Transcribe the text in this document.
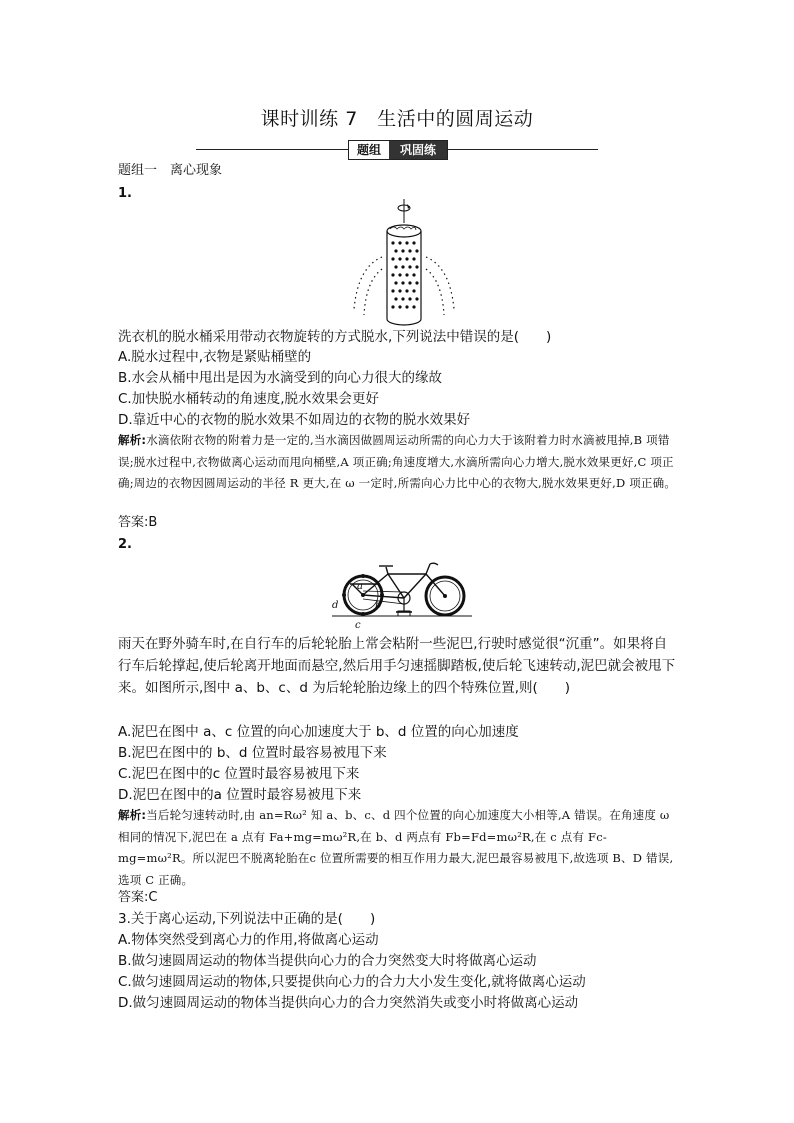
课时训练 7　生活中的圆周运动
题组	巩固练
题组一　离心现象
1.
洗衣机的脱水桶采用带动衣物旋转的方式脱水,下列说法中错误的是(　　)
A.脱水过程中,衣物是紧贴桶壁的
B.水会从桶中甩出是因为水滴受到的向心力很大的缘故
C.加快脱水桶转动的角速度,脱水效果会更好
D.靠近中心的衣物的脱水效果不如周边的衣物的脱水效果好
解析:水滴依附衣物的附着力是一定的,当水滴因做圆周运动所需的向心力大于该附着力时水滴被甩掉,B 项错误;脱水过程中,衣物做离心运动而甩向桶壁,A 项正确;角速度增大,水滴所需向心力增大,脱水效果更好,C 项正确;周边的衣物因圆周运动的半径 R 更大,在 ω 一定时,所需向心力比中心的衣物大,脱水效果更好,D 项正确。
答案:B
2.
a
b
c
d
雨天在野外骑车时,在自行车的后轮轮胎上常会粘附一些泥巴,行驶时感觉很“沉重”。如果将自行车后轮撑起,使后轮离开地面而悬空,然后用手匀速摇脚踏板,使后轮飞速转动,泥巴就会被甩下来。如图所示,图中 a、b、c、d 为后轮轮胎边缘上的四个特殊位置,则(　　)
A.泥巴在图中 a、c 位置的向心加速度大于 b、d 位置的向心加速度
B.泥巴在图中的 b、d 位置时最容易被甩下来
C.泥巴在图中的c 位置时最容易被甩下来
D.泥巴在图中的a 位置时最容易被甩下来
解析:当后轮匀速转动时,由 an=Rω² 知 a、b、c、d 四个位置的向心加速度大小相等,A 错误。在角速度 ω 相同的情况下,泥巴在 a 点有 Fa+mg=mω²R,在 b、d 两点有 Fb=Fd=mω²R,在 c 点有 Fc-mg=mω²R。所以泥巴不脱离轮胎在c 位置所需要的相互作用力最大,泥巴最容易被甩下,故选项 B、D 错误,选项 C 正确。
答案:C
3.关于离心运动,下列说法中正确的是(　　)
A.物体突然受到离心力的作用,将做离心运动
B.做匀速圆周运动的物体当提供向心力的合力突然变大时将做离心运动
C.做匀速圆周运动的物体,只要提供向心力的合力大小发生变化,就将做离心运动
D.做匀速圆周运动的物体当提供向心力的合力突然消失或变小时将做离心运动
